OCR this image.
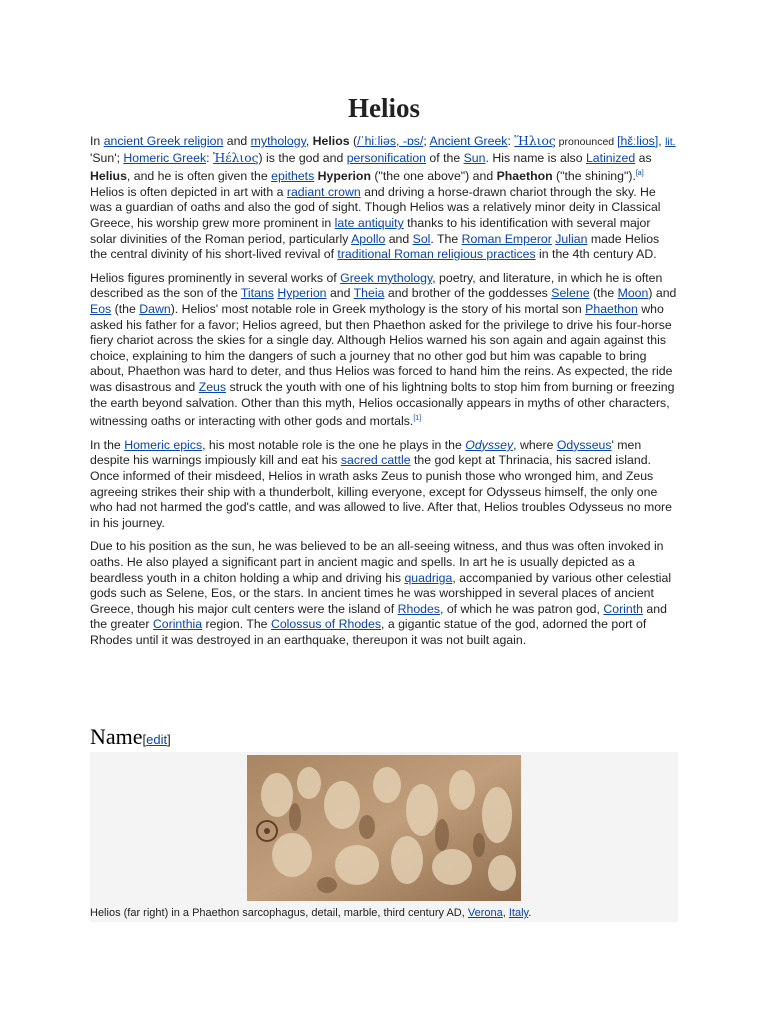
Helios

In ancient Greek religion and mythology, Helios (/ˈhiːliəs, -ɒs/; Ancient Greek: Ἥλιος pronounced [hɛ̌ːlios], lit. 'Sun'; Homeric Greek: Ἠέλιος) is the god and personification of the Sun. His name is also Latinized as Helius, and he is often given the epithets Hyperion ("the one above") and Phaethon ("the shining").[a] Helios is often depicted in art with a radiant crown and driving a horse-drawn chariot through the sky. He was a guardian of oaths and also the god of sight. Though Helios was a relatively minor deity in Classical Greece, his worship grew more prominent in late antiquity thanks to his identification with several major solar divinities of the Roman period, particularly Apollo and Sol. The Roman Emperor Julian made Helios the central divinity of his short-lived revival of traditional Roman religious practices in the 4th century AD.

Helios figures prominently in several works of Greek mythology, poetry, and literature, in which he is often described as the son of the Titans Hyperion and Theia and brother of the goddesses Selene (the Moon) and Eos (the Dawn). Helios' most notable role in Greek mythology is the story of his mortal son Phaethon who asked his father for a favor; Helios agreed, but then Phaethon asked for the privilege to drive his four-horse fiery chariot across the skies for a single day. Although Helios warned his son again and again against this choice, explaining to him the dangers of such a journey that no other god but him was capable to bring about, Phaethon was hard to deter, and thus Helios was forced to hand him the reins. As expected, the ride was disastrous and Zeus struck the youth with one of his lightning bolts to stop him from burning or freezing the earth beyond salvation. Other than this myth, Helios occasionally appears in myths of other characters, witnessing oaths or interacting with other gods and mortals.[1]

In the Homeric epics, his most notable role is the one he plays in the Odyssey, where Odysseus' men despite his warnings impiously kill and eat his sacred cattle the god kept at Thrinacia, his sacred island. Once informed of their misdeed, Helios in wrath asks Zeus to punish those who wronged him, and Zeus agreeing strikes their ship with a thunderbolt, killing everyone, except for Odysseus himself, the only one who had not harmed the god's cattle, and was allowed to live. After that, Helios troubles Odysseus no more in his journey.

Due to his position as the sun, he was believed to be an all-seeing witness, and thus was often invoked in oaths. He also played a significant part in ancient magic and spells. In art he is usually depicted as a beardless youth in a chiton holding a whip and driving his quadriga, accompanied by various other celestial gods such as Selene, Eos, or the stars. In ancient times he was worshipped in several places of ancient Greece, though his major cult centers were the island of Rhodes, of which he was patron god, Corinth and the greater Corinthia region. The Colossus of Rhodes, a gigantic statue of the god, adorned the port of Rhodes until it was destroyed in an earthquake, thereupon it was not built again.

Name[edit]
Helios (far right) in a Phaethon sarcophagus, detail, marble, third century AD, Verona, Italy.
